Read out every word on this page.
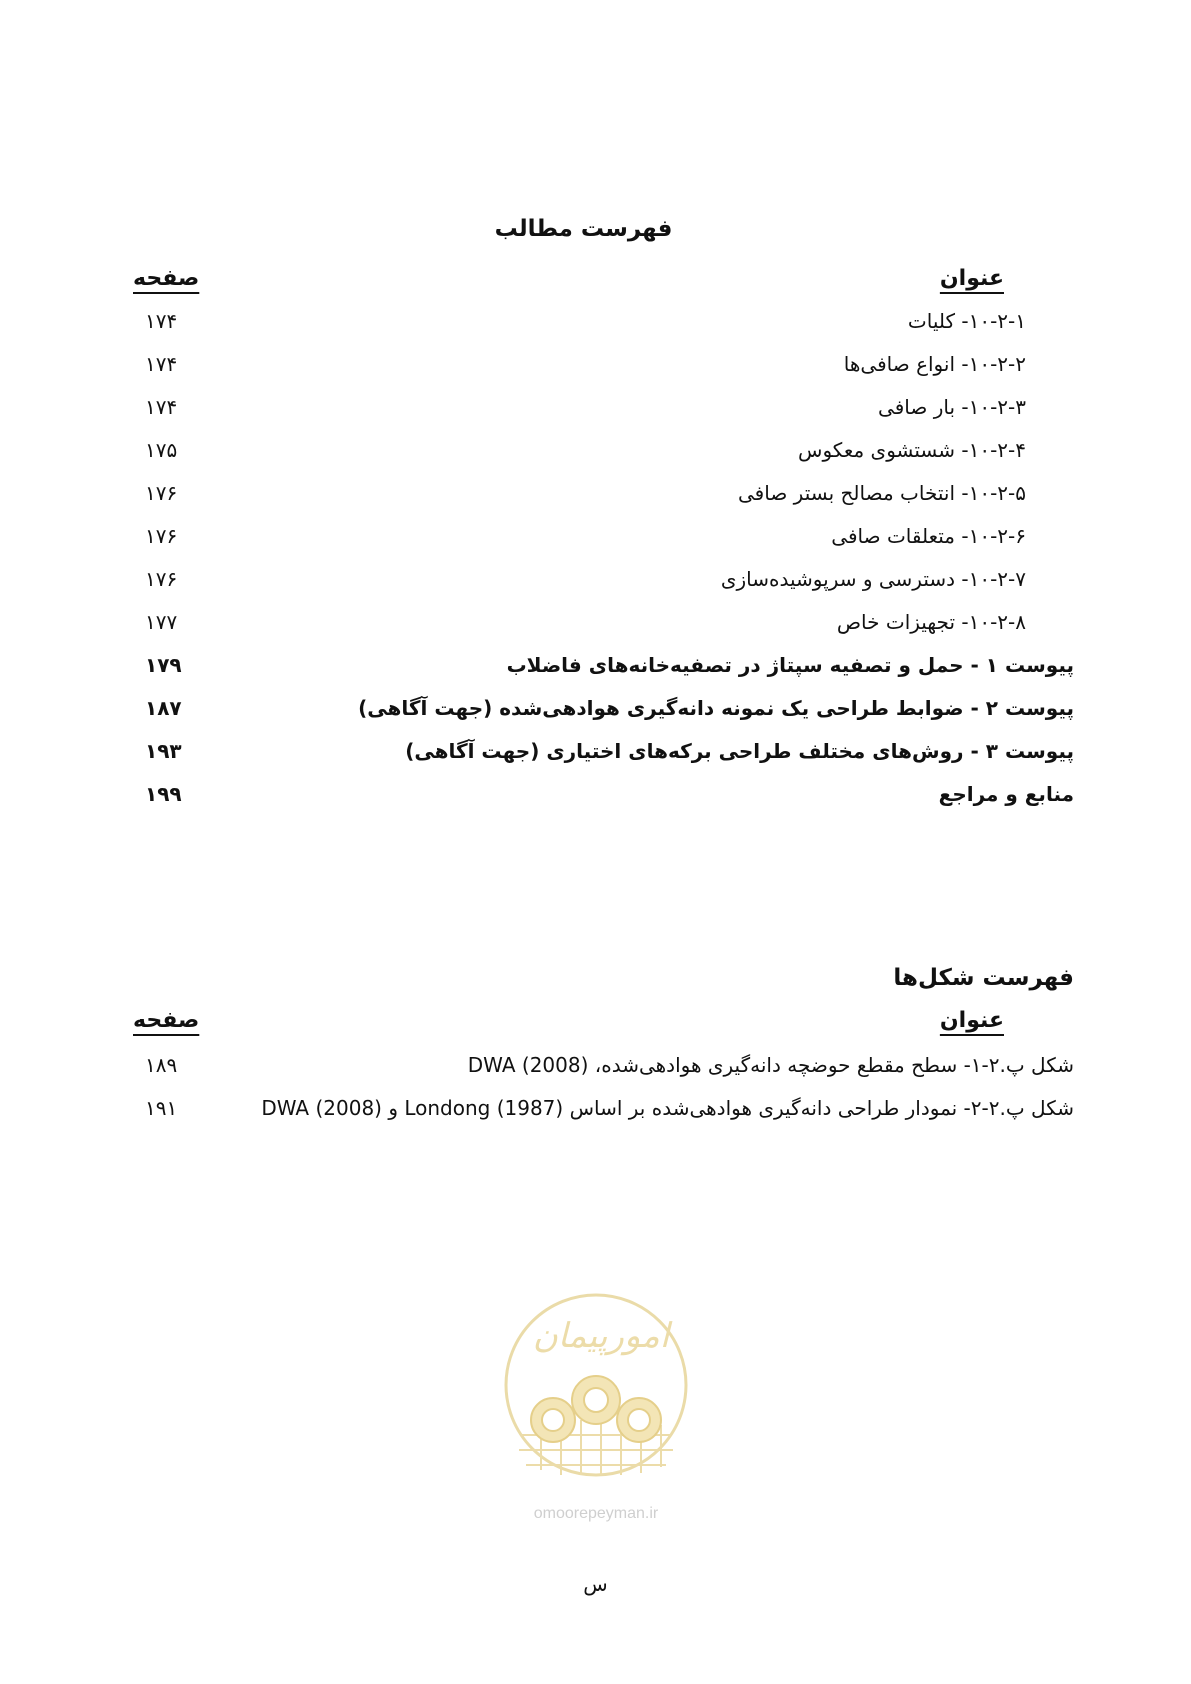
فهرست مطالب
عنوان
صفحه
۱۰-۲-۱- کلیات
۱۷۴
۱۰-۲-۲- انواع صافی‌ها
۱۷۴
۱۰-۲-۳- بار صافی
۱۷۴
۱۰-۲-۴- شستشوی معکوس
۱۷۵
۱۰-۲-۵- انتخاب مصالح بستر صافی
۱۷۶
۱۰-۲-۶- متعلقات صافی
۱۷۶
۱۰-۲-۷- دسترسی و سرپوشیده‌سازی
۱۷۶
۱۰-۲-۸- تجهیزات خاص
۱۷۷
پیوست ۱ - حمل و تصفیه سپتاژ در تصفیه‌خانه‌های فاضلاب
۱۷۹
پیوست ۲ - ضوابط طراحی یک نمونه دانه‌گیری هوادهی‌شده (جهت آگاهی)
۱۸۷
پیوست ۳ - روش‌های مختلف طراحی برکه‌های اختیاری (جهت آگاهی)
۱۹۳
منابع و مراجع
۱۹۹
فهرست شکل‌ها
عنوان
صفحه
شکل پ.۲-۱- سطح مقطع حوضچه دانه‌گیری هوادهی‌شده، DWA (2008)
۱۸۹
شکل پ.۲-۲- نمودار طراحی دانه‌گیری هوادهی‌شده بر اساس Londong (1987) و DWA (2008)
۱۹۱
امورپیمان
omoorepeyman.ir
س
